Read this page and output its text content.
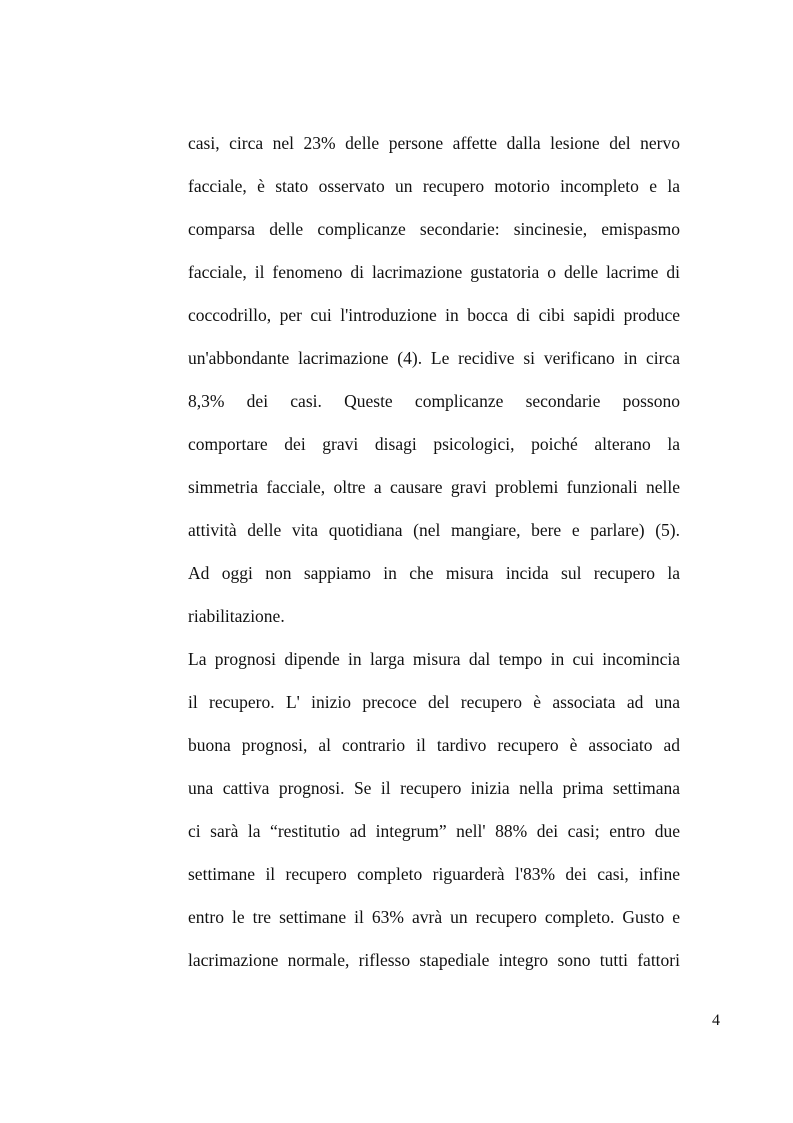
casi, circa nel 23% delle persone affette dalla lesione del nervo
facciale, è stato osservato un recupero motorio incompleto e la
comparsa delle complicanze secondarie: sincinesie, emispasmo
facciale, il fenomeno di lacrimazione gustatoria o delle lacrime di
coccodrillo, per cui l'introduzione in bocca di cibi sapidi produce
un'abbondante lacrimazione (4). Le recidive si verificano in circa
8,3% dei casi. Queste complicanze secondarie possono
comportare dei gravi disagi psicologici, poiché alterano la
simmetria facciale, oltre a causare gravi problemi funzionali nelle
attività delle vita quotidiana (nel mangiare, bere e parlare) (5).
Ad oggi non sappiamo in che misura incida sul recupero la
riabilitazione.
La prognosi dipende in larga misura dal tempo in cui incomincia
il recupero. L' inizio precoce del recupero è associata ad una
buona prognosi, al contrario il tardivo recupero è associato ad
una cattiva prognosi. Se il recupero inizia nella prima settimana
ci sarà la “restitutio ad integrum” nell' 88% dei casi; entro due
settimane il recupero completo riguarderà l'83% dei casi, infine
entro le tre settimane il 63% avrà un recupero completo. Gusto e
lacrimazione normale, riflesso stapediale integro sono tutti fattori
4
